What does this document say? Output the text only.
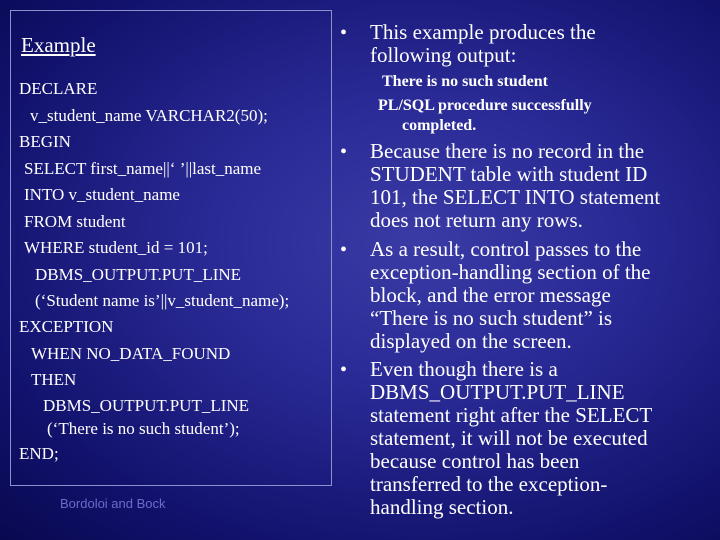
Example
DECLARE
v_student_name VARCHAR2(50);
BEGIN
SELECT first_name||‘ ’||last_name
INTO v_student_name
FROM student
WHERE student_id = 101;
DBMS_OUTPUT.PUT_LINE
(‘Student name is’||v_student_name);
EXCEPTION
WHEN NO_DATA_FOUND
THEN
DBMS_OUTPUT.PUT_LINE
(‘There is no such student’);
END;
Bordoloi and Bock
• This example produces the
following output:
There is no such student
PL/SQL procedure successfully
completed.
• Because there is no record in the
STUDENT table with student ID
101, the SELECT INTO statement
does not return any rows.
• As a result, control passes to the
exception-handling section of the
block, and the error message
“There is no such student” is
displayed on the screen.
• Even though there is a
DBMS_OUTPUT.PUT_LINE
statement right after the SELECT
statement, it will not be executed
because control has been
transferred to the exception-
handling section.
